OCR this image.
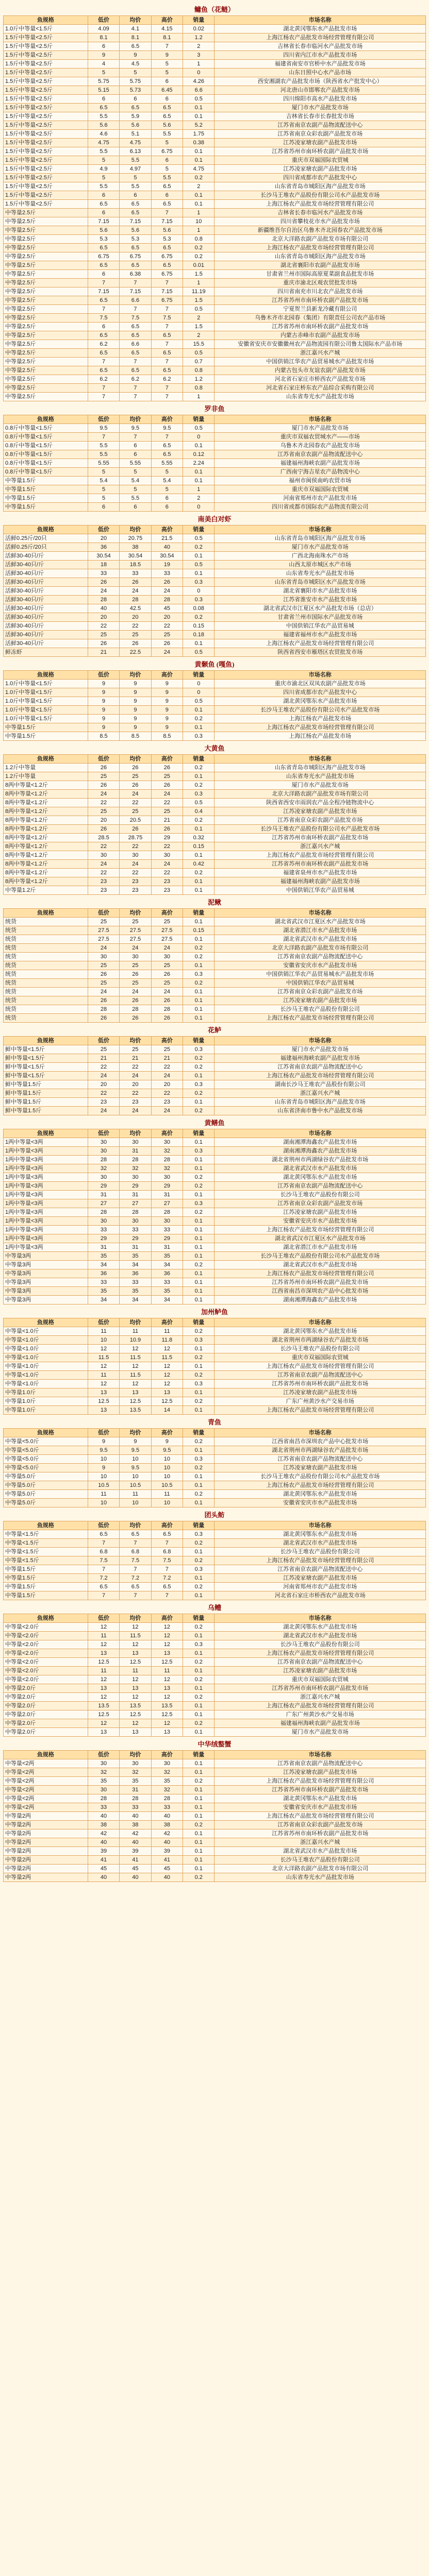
鳙鱼（花鲢）
鱼规格	低价	均价	高价	销量	市场名称
1.0斤中等量<1.5斤	4.09	4.1	4.15	0.02	湖北黄冈鄂东水产品批发市场
1.5斤中等量<2.5斤	8.1	8.1	8.1	1.2	上海江杨农产品批发市场经营管理有限公司
1.5斤中等量<2.5斤	6	6.5	7	2	吉林省长春市临河水产品批发市场
1.5斤中等量<2.5斤	9	9	9	3	四川省内江市水产品批发市场
1.5斤中等量<2.5斤	4	4.5	5	1	福建省南安市官桥中水产品批发市场
1.5斤中等量<2.5斤	5	5	5	0	山东日照中心水产品市场
1.5斤中等量<2.5斤	5.75	5.75	6	4.26	西安湘湖农产品批发市场（陕西省水产批发中心）
1.5斤中等量<2.5斤	5.15	5.73	6.45	6.6	河北唐山市邯郸农产品批发市场
1.5斤中等量<2.5斤	6	6	6	0.5	四川绵阳市高水产品批发市场
1.5斤中等量<2.5斤	6.5	6.5	6.5	0.1	厦门市水产品批发市场
1.5斤中等量<2.5斤	5.5	5.9	6.5	0.1	吉林省长春市长春批发市场
1.5斤中等量<2.5斤	5.6	5.6	5.6	5.2	江苏省南京农副产品物流配送中心
1.5斤中等量<2.5斤	4.6	5.1	5.5	1.75	江苏省南京众彩农副产品批发市场
1.5斤中等量<2.5斤	4.75	4.75	5	0.38	江苏凌家塘农副产品批发市场
1.5斤中等量<2.5斤	5.5	6.13	6.75	0.1	江苏省苏州市南环桥农副产品批发市场
1.5斤中等量<2.5斤	5	5.5	6	0.1	重庆市双福国际农贸城
1.5斤中等量<2.5斤	4.9	4.97	5	4.75	江苏凌家塘农副产品批发市场
1.5斤中等量<2.5斤	5	5	5.5	0.2	四川省成都市农产品批发中心
1.5斤中等量<2.5斤	5.5	5.5	6.5	2	山东省青岛市城阳区海产品批发市场
1.5斤中等量<2.5斤	6	6	6	0.1	长沙马王堆农产品股份有限公司水产品批发市场
1.5斤中等量<2.5斤	6.5	6.5	6.5	0.1	上海江杨农产品批发市场经营管理有限公司
中等量2.5斤	6	6.5	7	1	吉林省长春市临河水产品批发市场
中等量2.5斤	7.15	7.15	7.15	10	四川省攀枝花市水产品批发市场
中等量2.5斤	5.6	5.6	5.6	1	新疆维吾尔自治区乌鲁木齐北园春农产品批发市场
中等量2.5斤	5.3	5.3	5.3	0.8	北京大洋路农副产品批发市场有限公司
中等量2.5斤	6.5	6.5	6.5	0.2	上海江杨农产品批发市场经营管理有限公司
中等量2.5斤	6.75	6.75	6.75	0.2	山东省青岛市城阳区海产品批发市场
中等量2.5斤	6.5	6.5	6.5	0.01	湖北省襄阳市农副产品批发市场
中等量2.5斤	6	6.38	6.75	1.5	甘肃省兰州市国际高原夏菜副食品批发市场
中等量2.5斤	7	7	7	1	重庆市渝北区观农贸批发市场
中等量2.5斤	7.15	7.15	7.15	11.19	四川省南充市川北农产品批发市场
中等量2.5斤	6.5	6.6	6.75	1.5	江苏省苏州市南环桥农副产品批发市场
中等量2.5斤	7	7	7	0.5	宁夏贺兰县新龙冷藏有限公司
中等量2.5斤	7.5	7.5	7.5	2	乌鲁木齐市北园春（集团）有限责任公司农产品市场
中等量2.5斤	6	6.5	7	1.5	江苏省苏州市南环桥农副产品批发市场
中等量2.5斤	6.5	6.5	6.5	2	内蒙古赤峰市农副产品批发市场
中等量2.5斤	6.2	6.6	7	15.5	安徽省安庆市安徽徽州农产品物流园有限公司鲁太国际水产品市场
中等量2.5斤	6.5	6.5	6.5	0.5	浙江嘉兴水产城
中等量2.5斤	7	7	7	0.7	中国供销江华农产品贸易城水产品批发市场
中等量2.5斤	6.5	6.5	6.5	0.8	内蒙古包头市友谊农副产品批发市场
中等量2.5斤	6.2	6.2	6.2	1.2	河北省石家庄市桥西农产品批发市场
中等量2.5斤	7	7	7	0.8	河北省石家庄桥东农产品综合采购有限公司
中等量2.5斤	7	7	7	1	山东省寿光水产品批发市场
罗非鱼
鱼规格	低价	均价	高价	销量	市场名称
0.8斤中等量<1.5斤	9.5	9.5	9.5	0.5	厦门市水产品批发市场
0.8斤中等量<1.5斤	7	7	7	0	重庆市双福农贸城水产——市场
0.8斤中等量<1.5斤	5.5	6	6.5	0.1	乌鲁木齐北园春农产品批发市场
0.8斤中等量<1.5斤	5.5	6	6.5	0.12	江苏省南京农副产品物流配送中心
0.8斤中等量<1.5斤	5.55	5.55	5.55	2.24	福建福州海峡农副产品批发市场
0.8斤中等量<1.5斤	5	5	5	0.1	广西南宁海吉星农产品物流中心
中等量1.5斤	5.4	5.4	5.4	0.1	福州市闽侯南屿农贸市场
中等量1.5斤	5	5	5	1	重庆市双福国际农贸城
中等量1.5斤	5	5.5	6	2	河南省郑州市农产品批发市场
中等量1.5斤	6	6	6	0	四川省成都市国际农产品物流有限公司
南美白对虾
鱼规格	低价	均价	高价	销量	市场名称
活鲜0.25斤/20只	20	20.75	21.5	0.5	山东省青岛市城阳区海产品批发市场
活鲜0.25斤/20只	36	38	40	0.2	厦门市水产品批发市场
活鲜30-40只/斤	30.54	30.54	30.54	0.1	广西北海南珠水产市场
活鲜30-40只/斤	18	18.5	19	0.5	山西太原市城区水产市场
活鲜30-40只/斤	33	33	33	0.1	山东省寿光水产品批发市场
活鲜30-40只/斤	26	26	26	0.3	山东省青岛市城阳区水产品批发市场
活鲜30-40只/斤	24	24	24	0	湖北省襄阳市水产品批发市场
活鲜30-40只/斤	28	28	28	0.3	江苏省淮安市水产品批发市场
活鲜30-40只/斤	40	42.5	45	0.08	湖北省武汉市江夏区水产品批发市场（总店）
活鲜30-40只/斤	20	20	20	0.2	甘肃省兰州市国际水产品批发市场
活鲜30-40只/斤	22	22	22	0.15	中国供销江华农产品贸易城
活鲜30-40只/斤	25	25	25	0.18	福建省福州市水产品批发市场
活鲜30-40只/斤	26	26	26	0.1	上海江杨农产品批发市场经营管理有限公司
鲜冻虾	21	22.5	24	0.5	陕西省西安市雁塔区农贸批发市场
黄颡鱼 (嘎鱼)
鱼规格	低价	均价	高价	销量	市场名称
1.0斤中等量<1.5斤	9	9	9	0	重庆市渝北区双凤农副产品批发市场
1.0斤中等量<1.5斤	9	9	9	0	四川省成都市农产品批发中心
1.0斤中等量<1.5斤	9	9	9	0.5	湖北黄冈鄂东水产品批发市场
1.0斤中等量<1.5斤	9	9	9	0.1	长沙马王堆农产品股份有限公司水产品批发市场
1.0斤中等量<1.5斤	9	9	9	0.2	上海江杨农产品批发市场
中等量1.5斤	9	9	9	0.1	上海江杨农产品批发市场经营管理有限公司
中等量1.5斤	8.5	8.5	8.5	0.3	上海江杨农产品批发市场
大黄鱼
鱼规格	低价	均价	高价	销量	市场名称
1.2斤中等量	26	26	26	0.2	山东省青岛市城阳区海产品批发市场
1.2斤中等量	25	25	25	0.1	山东省寿光水产品批发市场
8两中等量<1.2斤	26	26	26	0.2	厦门市水产品批发市场
8两中等量<1.2斤	24	24	24	0.3	北京大洋路农副产品批发市场有限公司
8两中等量<1.2斤	22	22	22	0.5	陕西省西安市雨润农产品全程冷链物流中心
8两中等量<1.2斤	25	25	25	0.4	江苏凌家塘农副产品批发市场
8两中等量<1.2斤	20	20.5	21	0.2	江苏省南京众彩农副产品批发市场
8两中等量<1.2斤	26	26	26	0.1	长沙马王堆农产品股份有限公司水产品批发市场
8两中等量<1.2斤	28.5	28.75	29	0.32	江苏省苏州市南环桥农副产品批发市场
8两中等量<1.2斤	22	22	22	0.15	浙江嘉兴水产城
8两中等量<1.2斤	30	30	30	0.1	上海江杨农产品批发市场经营管理有限公司
8两中等量<1.2斤	24	24	24	0.42	江苏省苏州市南环桥农副产品批发市场
8两中等量<1.2斤	22	22	22	0.2	福建省泉州市水产品批发市场
8两中等量<1.2斤	23	23	23	0.1	福建福州海峡农副产品批发市场
中等量1.2斤	23	23	23	0.1	中国供销江华农产品贸易城
泥鳅
鱼规格	低价	均价	高价	销量	市场名称
统货	25	25	25	0.1	湖北省武汉市江夏区水产品批发市场
统货	27.5	27.5	27.5	0.15	湖北省潜江市水产品批发市场
统货	27.5	27.5	27.5	0.1	湖北省武汉市水产品批发市场
统货	24	24	24	0.2	北京大洋路农副产品批发市场有限公司
统货	30	30	30	0.2	江苏省南京农副产品物流配送中心
统货	25	25	25	0.1	安徽省安庆市水产品批发市场
统货	26	26	26	0.3	中国供销江华农产品贸易城水产品批发市场
统货	25	25	25	0.2	中国供销江华农产品贸易城
统货	24	24	24	0.1	江苏省南京众彩农副产品批发市场
统货	26	26	26	0.1	江苏凌家塘农副产品批发市场
统货	28	28	28	0.1	长沙马王堆农产品股份有限公司
统货	26	26	26	0.1	上海江杨农产品批发市场经营管理有限公司
花鲈
鱼规格	低价	均价	高价	销量	市场名称
鲜中等量<1.5斤	25	25	25	0.3	厦门市水产品批发市场
鲜中等量<1.5斤	21	21	21	0.2	福建福州海峡农副产品批发市场
鲜中等量<1.5斤	22	22	22	0.2	江苏省南京农副产品物流配送中心
鲜中等量<1.5斤	24	24	24	0.1	上海江杨农产品批发市场经营管理有限公司
鲜中等量1.5斤	20	20	20	0.3	湖南长沙马王堆农产品股份有限公司
鲜中等量1.5斤	22	22	22	0.2	浙江嘉兴水产城
鲜中等量1.5斤	23	23	23	0.1	山东省青岛市城阳区海产品批发市场
鲜中等量1.5斤	24	24	24	0.2	山东省济南市鲁中水产品批发市场
黄鳝鱼
鱼规格	低价	均价	高价	销量	市场名称
1两中等量<3两	30	30	30	0.1	湖南湘潭海鑫农产品批发市场
1两中等量<3两	30	31	32	0.3	湖南湘潭海鑫农产品批发市场
1两中等量<3两	28	28	28	0.1	湖北省荆州市两湖绿谷农产品批发市场
1两中等量<3两	32	32	32	0.1	湖北省武汉市水产品批发市场
1两中等量<3两	30	30	30	0.2	湖北黄冈鄂东水产品批发市场
1两中等量<3两	29	29	29	0.2	江苏省南京农副产品物流配送中心
1两中等量<3两	31	31	31	0.1	长沙马王堆农产品股份有限公司
1两中等量<3两	27	27	27	0.3	江苏省南京众彩农副产品批发市场
1两中等量<3两	28	28	28	0.2	江苏凌家塘农副产品批发市场
1两中等量<3两	30	30	30	0.1	安徽省安庆市水产品批发市场
1两中等量<3两	33	33	33	0.1	上海江杨农产品批发市场经营管理有限公司
1两中等量<3两	29	29	29	0.1	湖北省武汉市江夏区水产品批发市场
1两中等量<3两	31	31	31	0.1	湖北省潜江市水产品批发市场
中等量3两	35	35	35	0.1	长沙马王堆农产品股份有限公司水产品批发市场
中等量3两	34	34	34	0.2	湖北省武汉市水产品批发市场
中等量3两	36	36	36	0.1	上海江杨农产品批发市场经营管理有限公司
中等量3两	33	33	33	0.1	江苏省苏州市南环桥农副产品批发市场
中等量3两	35	35	35	0.1	江西省南昌市深圳农产品中心批发市场
中等量3两	34	34	34	0.1	湖南湘潭海鑫农产品批发市场
加州鲈鱼
鱼规格	低价	均价	高价	销量	市场名称
中等量<1.0斤	11	11	11	0.2	湖北黄冈鄂东水产品批发市场
中等量<1.0斤	10	10.9	11.8	0.3	湖北省荆州市两湖绿谷农产品批发市场
中等量<1.0斤	12	12	12	0.1	长沙马王堆农产品股份有限公司
中等量<1.0斤	11.5	11.5	11.5	0.2	重庆市双福国际农贸城
中等量<1.0斤	12	12	12	0.1	上海江杨农产品批发市场经营管理有限公司
中等量<1.0斤	11	11.5	12	0.2	江苏省南京农副产品物流配送中心
中等量<1.0斤	12	12	12	0.3	江苏省苏州市南环桥农副产品批发市场
中等量1.0斤	13	13	13	0.1	江苏凌家塘农副产品批发市场
中等量1.0斤	12.5	12.5	12.5	0.2	广东广州黄沙水产交易市场
中等量1.0斤	13	13.5	14	0.1	上海江杨农产品批发市场经营管理有限公司
青鱼
鱼规格	低价	均价	高价	销量	市场名称
中等量<5.0斤	9	9	9	0.2	江西省南昌市深圳农产品中心批发市场
中等量<5.0斤	9.5	9.5	9.5	0.1	湖北省荆州市两湖绿谷农产品批发市场
中等量<5.0斤	10	10	10	0.3	江苏省南京农副产品物流配送中心
中等量<5.0斤	9	9.5	10	0.2	江苏凌家塘农副产品批发市场
中等量5.0斤	10	10	10	0.1	长沙马王堆农产品股份有限公司水产品批发市场
中等量5.0斤	10.5	10.5	10.5	0.1	上海江杨农产品批发市场经营管理有限公司
中等量5.0斤	11	11	11	0.2	湖北黄冈鄂东水产品批发市场
中等量5.0斤	10	10	10	0.1	安徽省安庆市水产品批发市场
团头鲂
鱼规格	低价	均价	高价	销量	市场名称
中等量<1.5斤	6.5	6.5	6.5	0.3	湖北黄冈鄂东水产品批发市场
中等量<1.5斤	7	7	7	0.2	湖北省武汉市水产品批发市场
中等量<1.5斤	6.8	6.8	6.8	0.1	长沙马王堆农产品股份有限公司
中等量<1.5斤	7.5	7.5	7.5	0.2	上海江杨农产品批发市场经营管理有限公司
中等量1.5斤	7	7	7	0.3	江苏省南京农副产品物流配送中心
中等量1.5斤	7.2	7.2	7.2	0.1	江苏凌家塘农副产品批发市场
中等量1.5斤	6.5	6.5	6.5	0.2	河南省郑州市农产品批发市场
中等量1.5斤	7	7	7	0.1	河北省石家庄市桥西农产品批发市场
乌鳢
鱼规格	低价	均价	高价	销量	市场名称
中等量<2.0斤	12	12	12	0.2	湖北黄冈鄂东水产品批发市场
中等量<2.0斤	11	11.5	12	0.1	湖北省武汉市水产品批发市场
中等量<2.0斤	12	12	12	0.3	长沙马王堆农产品股份有限公司
中等量<2.0斤	13	13	13	0.1	上海江杨农产品批发市场经营管理有限公司
中等量<2.0斤	12.5	12.5	12.5	0.2	江苏省南京农副产品物流配送中心
中等量<2.0斤	11	11	11	0.1	江苏凌家塘农副产品批发市场
中等量<2.0斤	12	12	12	0.2	重庆市双福国际农贸城
中等量2.0斤	13	13	13	0.1	江苏省苏州市南环桥农副产品批发市场
中等量2.0斤	12	12	12	0.2	浙江嘉兴水产城
中等量2.0斤	13.5	13.5	13.5	0.1	上海江杨农产品批发市场经营管理有限公司
中等量2.0斤	12.5	12.5	12.5	0.1	广东广州黄沙水产交易市场
中等量2.0斤	12	12	12	0.2	福建福州海峡农副产品批发市场
中等量2.0斤	13	13	13	0.1	厦门市水产品批发市场
中华绒螯蟹
鱼规格	低价	均价	高价	销量	市场名称
中等量<2两	30	30	30	0.1	江苏省南京农副产品物流配送中心
中等量<2两	32	32	32	0.1	江苏凌家塘农副产品批发市场
中等量<2两	35	35	35	0.2	上海江杨农产品批发市场经营管理有限公司
中等量<2两	30	31	32	0.1	江苏省苏州市南环桥农副产品批发市场
中等量<2两	28	28	28	0.1	湖北黄冈鄂东水产品批发市场
中等量<2两	33	33	33	0.1	安徽省安庆市水产品批发市场
中等量2两	40	40	40	0.1	上海江杨农产品批发市场经营管理有限公司
中等量2两	38	38	38	0.2	江苏省南京众彩农副产品批发市场
中等量2两	42	42	42	0.1	江苏省苏州市南环桥农副产品批发市场
中等量2两	40	40	40	0.1	浙江嘉兴水产城
中等量2两	39	39	39	0.1	湖北省武汉市水产品批发市场
中等量2两	41	41	41	0.1	长沙马王堆农产品股份有限公司
中等量2两	45	45	45	0.1	北京大洋路农副产品批发市场有限公司
中等量2两	40	40	40	0.2	山东省寿光水产品批发市场
